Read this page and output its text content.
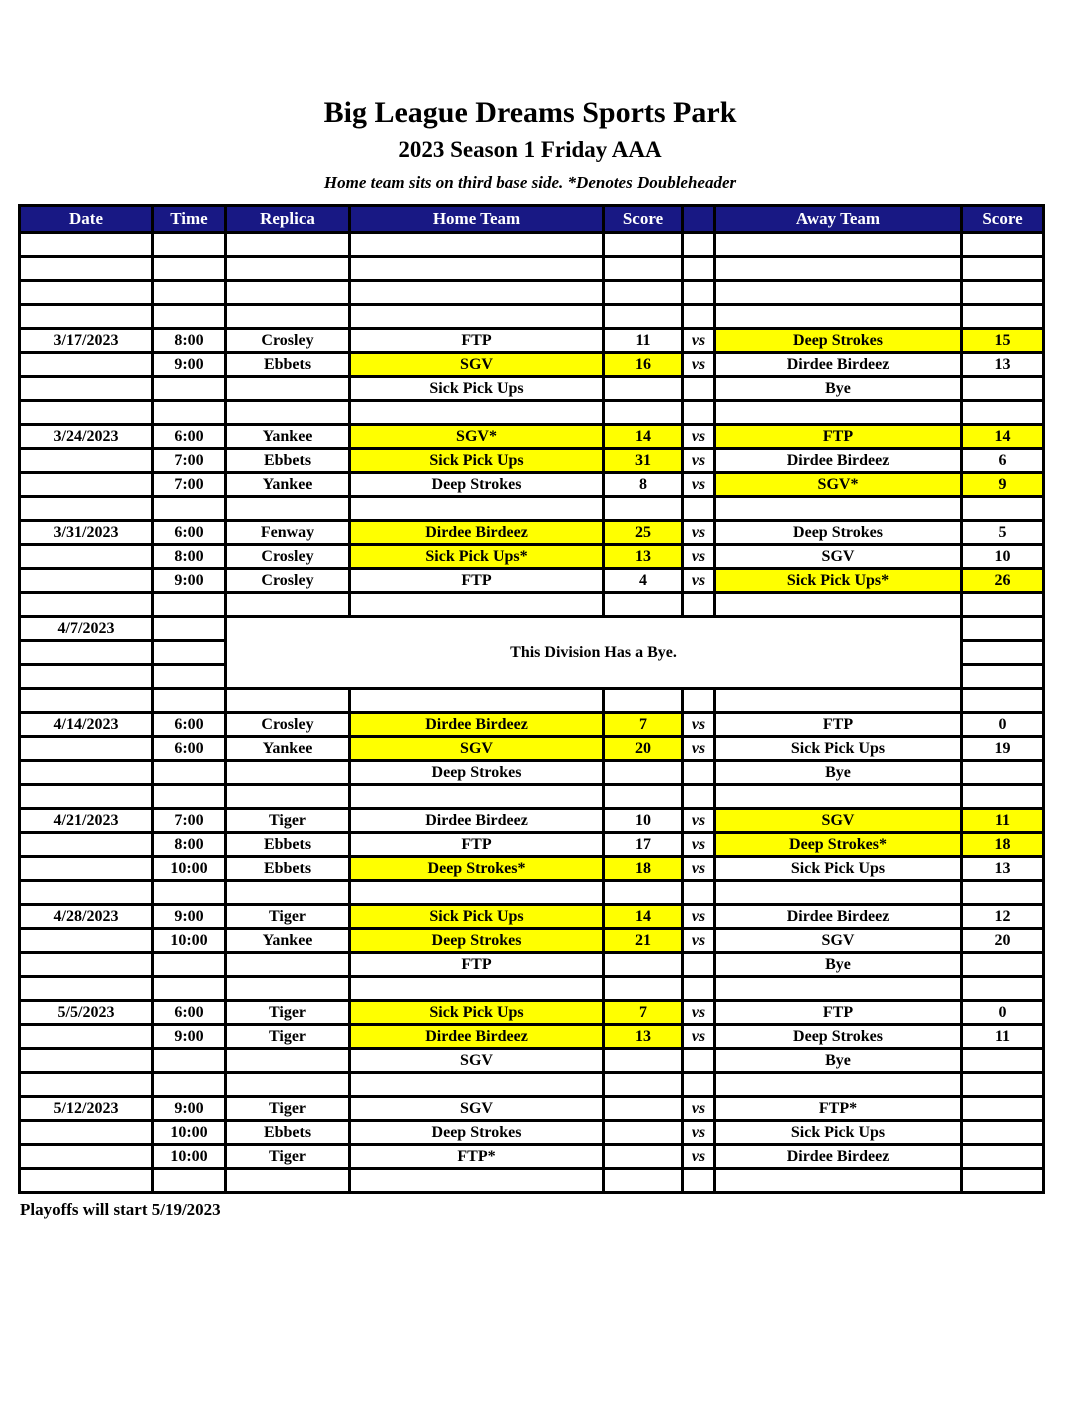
Big League Dreams Sports Park
2023 Season 1 Friday AAA

Home team sits on third base side. *Denotes Doubleheader

Date	Time	Replica	Home Team	Score		Away Team	Score

3/17/2023	8:00	Crosley	FTP	11	vs	Deep Strokes	15
	9:00	Ebbets	SGV	16	vs	Dirdee Birdeez	13
			Sick Pick Ups			Bye	

3/24/2023	6:00	Yankee	SGV*	14	vs	FTP	14
	7:00	Ebbets	Sick Pick Ups	31	vs	Dirdee Birdeez	6
	7:00	Yankee	Deep Strokes	8	vs	SGV*	9

3/31/2023	6:00	Fenway	Dirdee Birdeez	25	vs	Deep Strokes	5
	8:00	Crosley	Sick Pick Ups*	13	vs	SGV	10
	9:00	Crosley	FTP	4	vs	Sick Pick Ups*	26

4/7/2023		This Division Has a Bye.					

4/14/2023	6:00	Crosley	Dirdee Birdeez	7	vs	FTP	0
	6:00	Yankee	SGV	20	vs	Sick Pick Ups	19
			Deep Strokes			Bye	

4/21/2023	7:00	Tiger	Dirdee Birdeez	10	vs	SGV	11
	8:00	Ebbets	FTP	17	vs	Deep Strokes*	18
	10:00	Ebbets	Deep Strokes*	18	vs	Sick Pick Ups	13

4/28/2023	9:00	Tiger	Sick Pick Ups	14	vs	Dirdee Birdeez	12
	10:00	Yankee	Deep Strokes	21	vs	SGV	20
			FTP			Bye	

5/5/2023	6:00	Tiger	Sick Pick Ups	7	vs	FTP	0
	9:00	Tiger	Dirdee Birdeez	13	vs	Deep Strokes	11
			SGV			Bye	

5/12/2023	9:00	Tiger	SGV		vs	FTP*	
	10:00	Ebbets	Deep Strokes		vs	Sick Pick Ups	
	10:00	Tiger	FTP*		vs	Dirdee Birdeez	

Playoffs will start 5/19/2023
